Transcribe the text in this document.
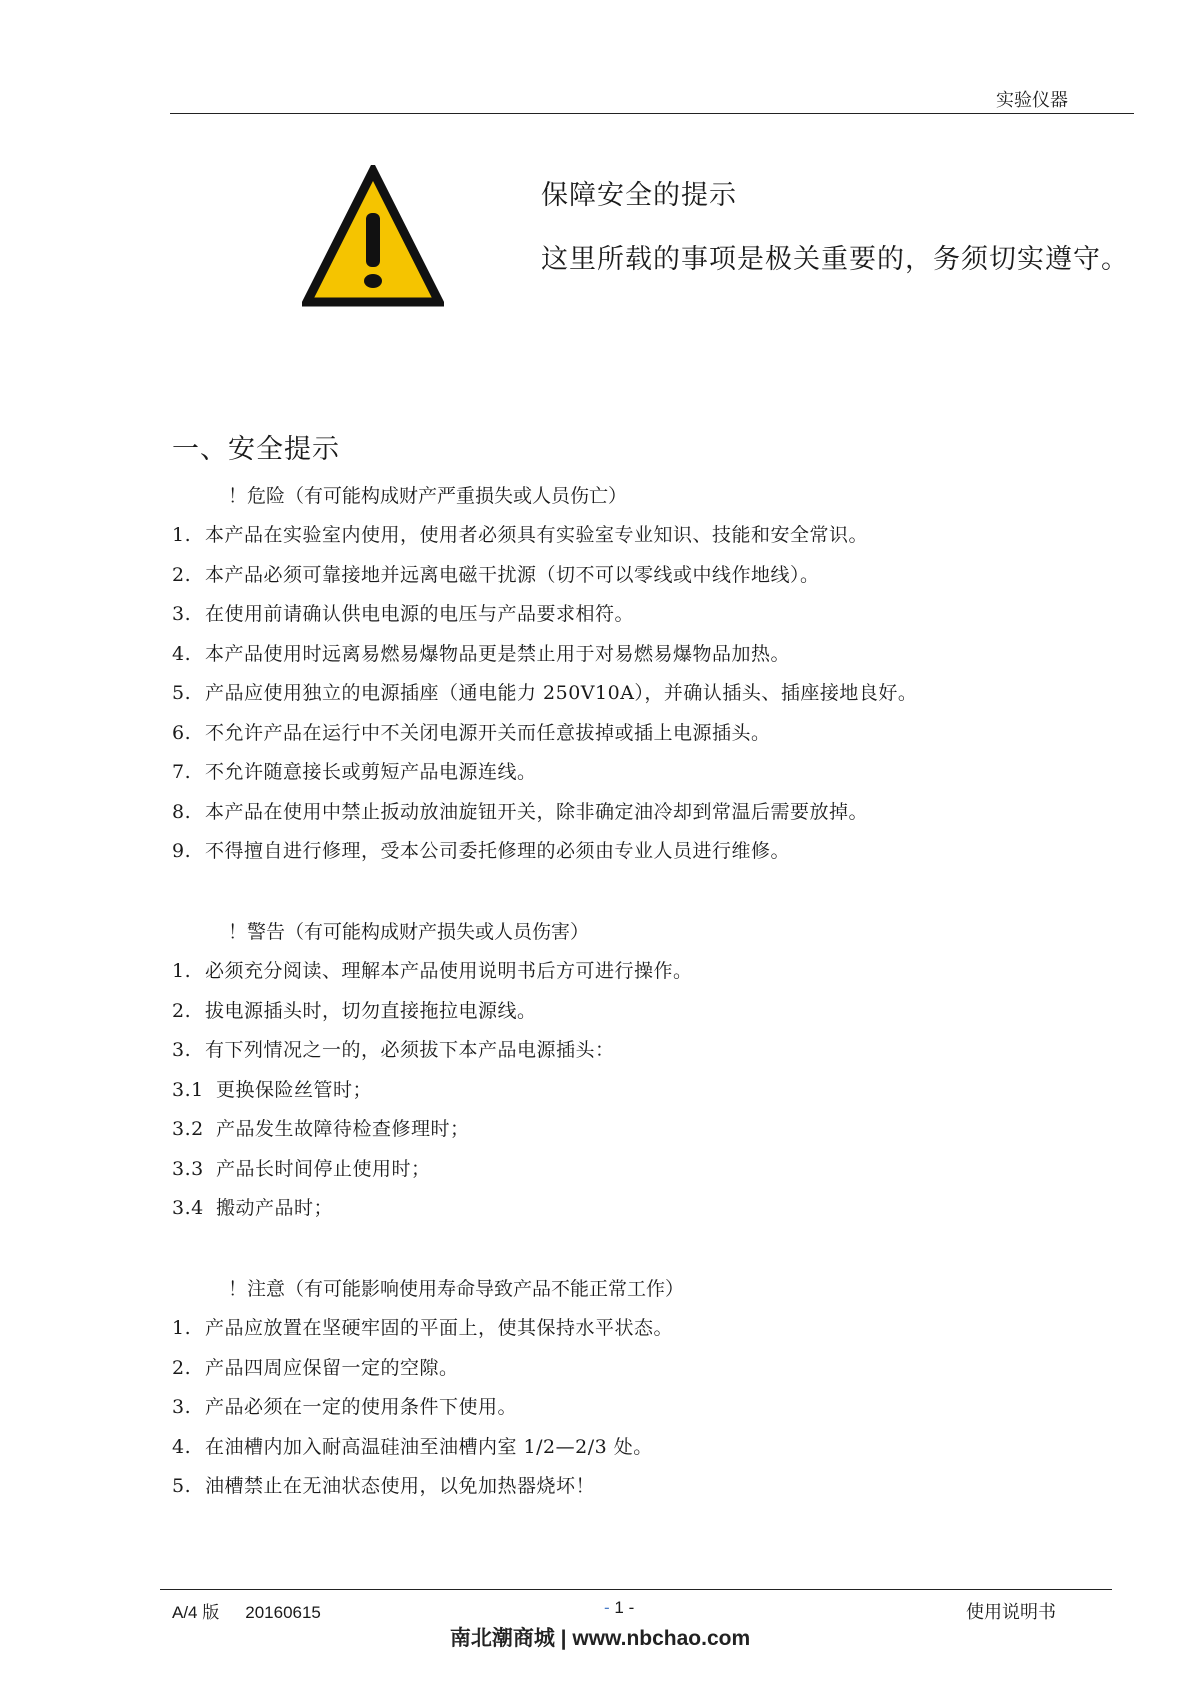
实验仪器
保障安全的提示
这里所载的事项是极关重要的，务须切实遵守。
一、安全提示
！危险（有可能构成财产严重损失或人员伤亡）
1. 本产品在实验室内使用，使用者必须具有实验室专业知识、技能和安全常识。
2. 本产品必须可靠接地并远离电磁干扰源（切不可以零线或中线作地线）。
3. 在使用前请确认供电电源的电压与产品要求相符。
4. 本产品使用时远离易燃易爆物品更是禁止用于对易燃易爆物品加热。
5. 产品应使用独立的电源插座（通电能力 250V10A），并确认插头、插座接地良好。
6. 不允许产品在运行中不关闭电源开关而任意拔掉或插上电源插头。
7. 不允许随意接长或剪短产品电源连线。
8. 本产品在使用中禁止扳动放油旋钮开关，除非确定油冷却到常温后需要放掉。
9. 不得擅自进行修理，受本公司委托修理的必须由专业人员进行维修。
！警告（有可能构成财产损失或人员伤害）
1. 必须充分阅读、理解本产品使用说明书后方可进行操作。
2. 拔电源插头时，切勿直接拖拉电源线。
3. 有下列情况之一的，必须拔下本产品电源插头：
3.1 更换保险丝管时；
3.2 产品发生故障待检查修理时；
3.3 产品长时间停止使用时；
3.4 搬动产品时；
！注意（有可能影响使用寿命导致产品不能正常工作）
1. 产品应放置在坚硬牢固的平面上，使其保持水平状态。
2. 产品四周应保留一定的空隙。
3. 产品必须在一定的使用条件下使用。
4. 在油槽内加入耐高温硅油至油槽内室 1/2—2/3 处。
5. 油槽禁止在无油状态使用，以免加热器烧坏！
A/4 版 20160615	- 1 -	使用说明书
南北潮商城 | www.nbchao.com
